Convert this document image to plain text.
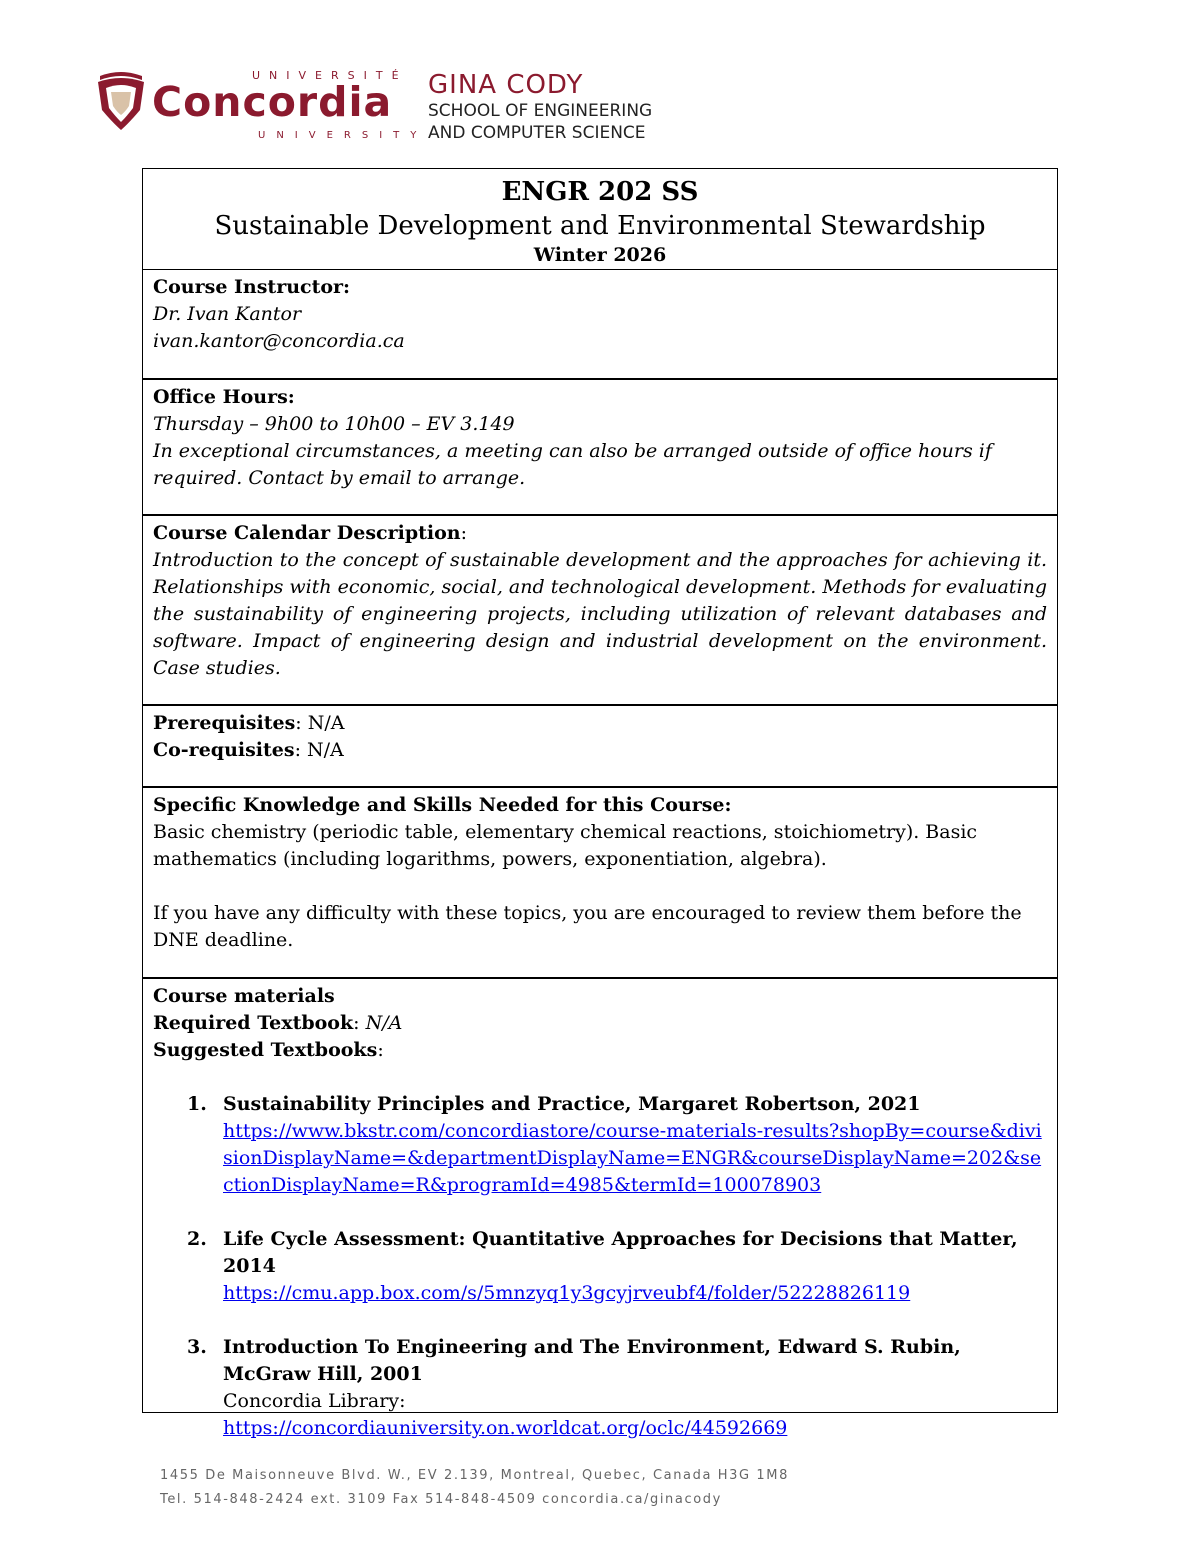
UNIVERSITÉ
Concordia
UNIVERSITY
GINA CODY
SCHOOL OF ENGINEERING
AND COMPUTER SCIENCE
ENGR 202 SS
Sustainable Development and Environmental Stewardship
Winter 2026
Course Instructor:
Dr. Ivan Kantor
ivan.kantor@concordia.ca
Office Hours:
Thursday – 9h00 to 10h00 – EV 3.149
In exceptional circumstances, a meeting can also be arranged outside of office hours if required. Contact by email to arrange.
Course Calendar Description:
Introduction to the concept of sustainable development and the approaches for achieving it. Relationships with economic, social, and technological development. Methods for evaluating the sustainability of engineering projects, including utilization of relevant databases and software. Impact of engineering design and industrial development on the environment. Case studies.
Prerequisites: N/A
Co-requisites: N/A
Specific Knowledge and Skills Needed for this Course:
Basic chemistry (periodic table, elementary chemical reactions, stoichiometry). Basic mathematics (including logarithms, powers, exponentiation, algebra).
If you have any difficulty with these topics, you are encouraged to review them before the DNE deadline.
Course materials
Required Textbook: N/A
Suggested Textbooks:
1. Sustainability Principles and Practice, Margaret Robertson, 2021
https://www.bkstr.com/concordiastore/course-materials-results?shopBy=course&divisionDisplayName=&departmentDisplayName=ENGR&courseDisplayName=202&sectionDisplayName=R&programId=4985&termId=100078903
2. Life Cycle Assessment: Quantitative Approaches for Decisions that Matter, 2014
https://cmu.app.box.com/s/5mnzyq1y3gcyjrveubf4/folder/52228826119
3. Introduction To Engineering and The Environment, Edward S. Rubin, McGraw Hill, 2001
Concordia Library:
https://concordiauniversity.on.worldcat.org/oclc/44592669
1455 De Maisonneuve Blvd. W., EV 2.139, Montreal, Quebec, Canada H3G 1M8
Tel. 514-848-2424 ext. 3109 Fax 514-848-4509 concordia.ca/ginacody
